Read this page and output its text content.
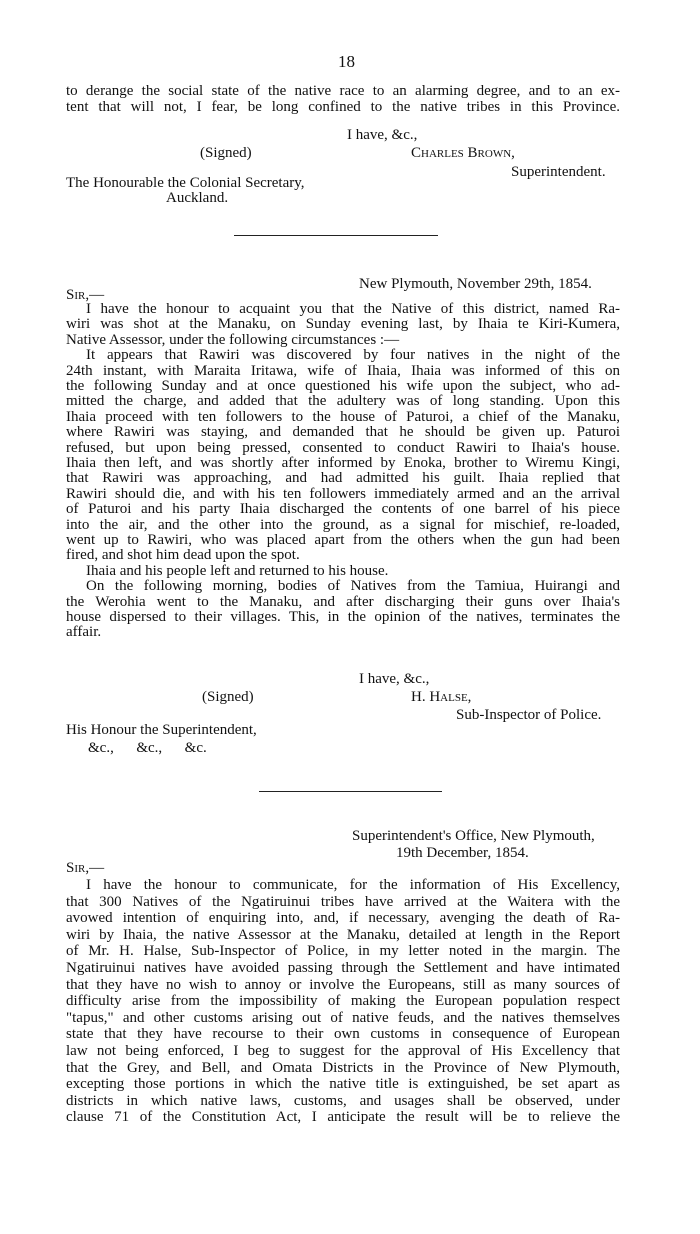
18
to derange the social state of the native race to an alarming degree, and to an ex-
tent that will not, I fear, be long confined to the native tribes in this Province.
I have, &c.,
(Signed)	Charles Brown,
Superintendent.
The Honourable the Colonial Secretary,
Auckland.
New Plymouth, November 29th, 1854.
Sir,—
I have the honour to acquaint you that the Native of this district, named Ra-
wiri was shot at the Manaku, on Sunday evening last, by Ihaia te Kiri-Kumera,
Native Assessor, under the following circumstances :—
It appears that Rawiri was discovered by four natives in the night of the
24th instant, with Maraita Iritawa, wife of Ihaia, Ihaia was informed of this on
the following Sunday and at once questioned his wife upon the subject, who ad-
mitted the charge, and added that the adultery was of long standing. Upon this
Ihaia proceed with ten followers to the house of Paturoi, a chief of the Manaku,
where Rawiri was staying, and demanded that he should be given up. Paturoi
refused, but upon being pressed, consented to conduct Rawiri to Ihaia's house.
Ihaia then left, and was shortly after informed by Enoka, brother to Wiremu Kingi,
that Rawiri was approaching, and had admitted his guilt. Ihaia replied that
Rawiri should die, and with his ten followers immediately armed and an the arrival
of Paturoi and his party Ihaia discharged the contents of one barrel of his piece
into the air, and the other into the ground, as a signal for mischief, re-loaded,
went up to Rawiri, who was placed apart from the others when the gun had been
fired, and shot him dead upon the spot.
Ihaia and his people left and returned to his house.
On the following morning, bodies of Natives from the Tamiua, Huirangi and
the Werohia went to the Manaku, and after discharging their guns over Ihaia's
house dispersed to their villages. This, in the opinion of the natives, terminates the
affair.
I have, &c.,
(Signed)	H. Halse,
Sub-Inspector of Police.
His Honour the Superintendent,
&c.,      &c.,      &c.
Superintendent's Office, New Plymouth,
19th December, 1854.
Sir,—
I have the honour to communicate, for the information of His Excellency,
that 300 Natives of the Ngatiruinui tribes have arrived at the Waitera with the
avowed intention of enquiring into, and, if necessary, avenging the death of Ra-
wiri by Ihaia, the native Assessor at the Manaku, detailed at length in the Report
of Mr. H. Halse, Sub-Inspector of Police, in my letter noted in the margin. The
Ngatiruinui natives have avoided passing through the Settlement and have intimated
that they have no wish to annoy or involve the Europeans, still as many sources of
difficulty arise from the impossibility of making the European population respect
"tapus," and other customs arising out of native feuds, and the natives themselves
state that they have recourse to their own customs in consequence of European
law not being enforced, I beg to suggest for the approval of His Excellency that
that the Grey, and Bell, and Omata Districts in the Province of New Plymouth,
excepting those portions in which the native title is extinguished, be set apart as
districts in which native laws, customs, and usages shall be observed, under
clause 71 of the Constitution Act, I anticipate the result will be to relieve the
